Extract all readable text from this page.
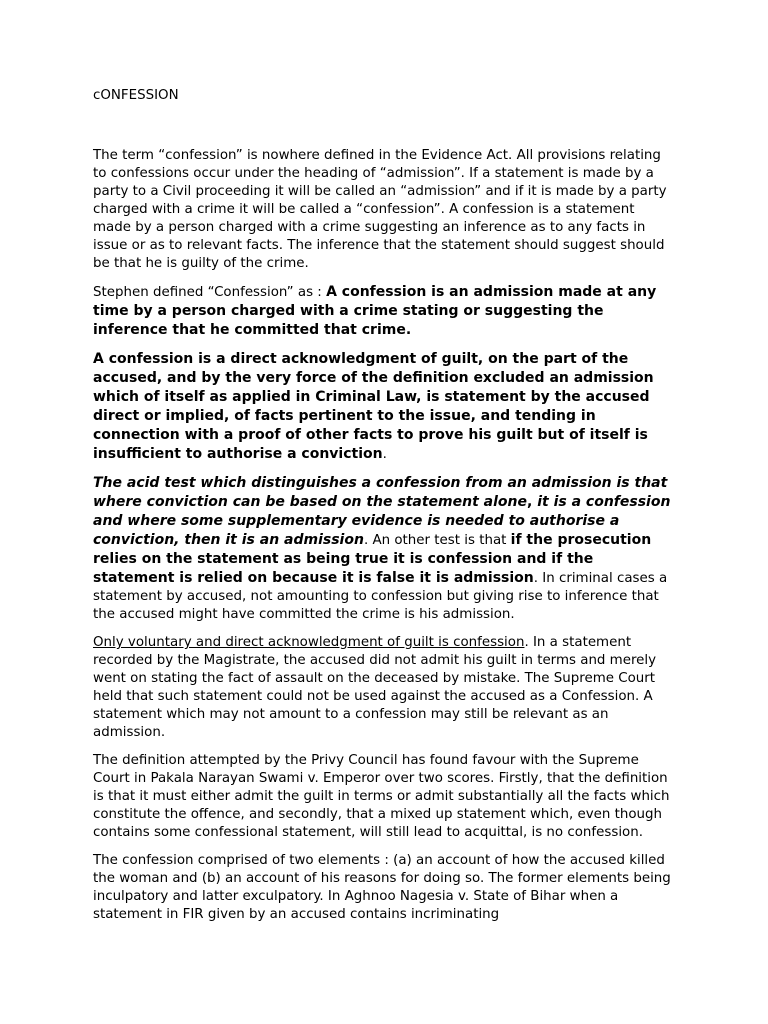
cONFESSION

The term “confession” is nowhere defined in the Evidence Act. All provisions relating to confessions occur under the heading of “admission”. If a statement is made by a party to a Civil proceeding it will be called an “admission” and if it is made by a party charged with a crime it will be called a “confession”. A confession is a statement made by a person charged with a crime suggesting an inference as to any facts in issue or as to relevant facts. The inference that the statement should suggest should be that he is guilty of the crime.

Stephen defined “Confession” as : A confession is an admission made at any time by a person charged with a crime stating or suggesting the inference that he committed that crime.

A confession is a direct acknowledgment of guilt, on the part of the accused, and by the very force of the definition excluded an admission which of itself as applied in Criminal Law, is statement by the accused direct or implied, of facts pertinent to the issue, and tending in connection with a proof of other facts to prove his guilt but of itself is insufficient to authorise a conviction.

The acid test which distinguishes a confession from an admission is that where conviction can be based on the statement alone, it is a confession and where some supplementary evidence is needed to authorise a conviction, then it is an admission. An other test is that if the prosecution relies on the statement as being true it is confession and if the statement is relied on because it is false it is admission. In criminal cases a statement by accused, not amounting to confession but giving rise to inference that the accused might have committed the crime is his admission.

Only voluntary and direct acknowledgment of guilt is confession. In a statement recorded by the Magistrate, the accused did not admit his guilt in terms and merely went on stating the fact of assault on the deceased by mistake. The Supreme Court held that such statement could not be used against the accused as a Confession. A statement which may not amount to a confession may still be relevant as an admission.

The definition attempted by the Privy Council has found favour with the Supreme Court in Pakala Narayan Swami v. Emperor over two scores. Firstly, that the definition is that it must either admit the guilt in terms or admit substantially all the facts which constitute the offence, and secondly, that a mixed up statement which, even though contains some confessional statement, will still lead to acquittal, is no confession.

The confession comprised of two elements : (a) an account of how the accused killed the woman and (b) an account of his reasons for doing so. The former elements being inculpatory and latter exculpatory. In Aghnoo Nagesia v. State of Bihar when a statement in FIR given by an accused contains incriminating
